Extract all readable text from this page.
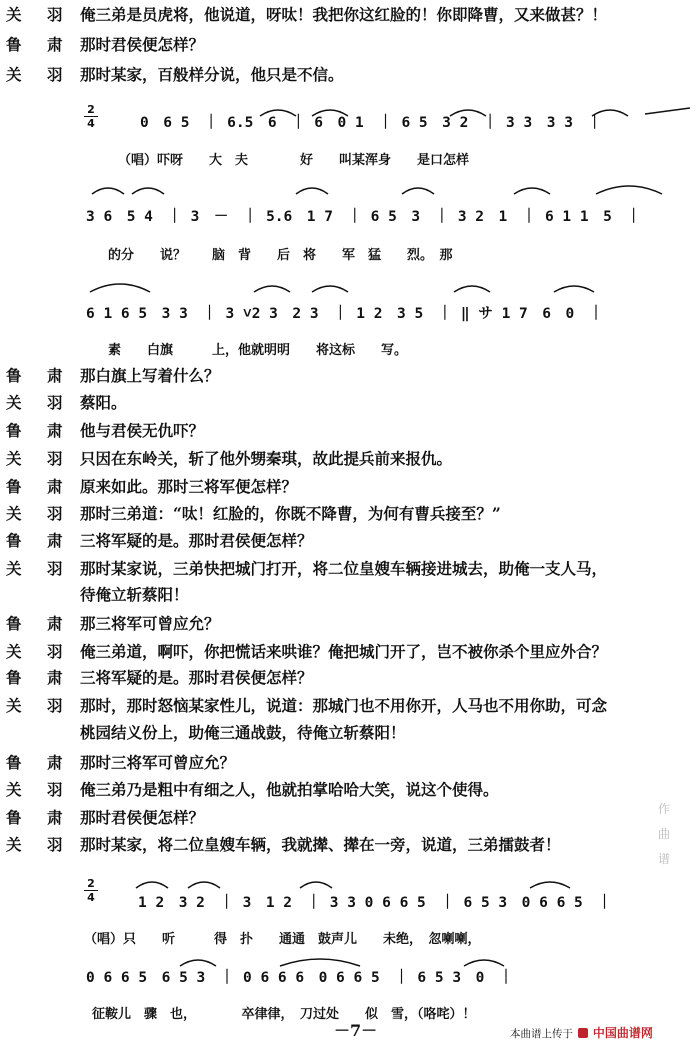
关　羽 俺三弟是员虎将，他说道，呀呔！我把你这红脸的！你即降曹，又来做甚？！
鲁　肃 那时君侯便怎样？
关　羽 那时某家，百般样分说，他只是不信。
2
4	0　6 5　｜ 6.5　6　｜ 6　0 1　｜ 6 5　3 2　｜ 3 3　3 3　｜
（唱）吓呀　　大　夫　　　　好　　叫某浑身　　是口怎样
3 6　5 4　｜ 3　－　｜ 5.6　1 7　｜ 6 5　3　｜ 3 2　1　｜ 6 1 1　5　｜
的分　　说？　　脑　背　　后　将　　军　猛　　烈。　那
6 1 6 5　3 3　｜ 3 ˅2 3　2 3　｜ 1 2　3 5　｜ ‖ サ 1 7　6　0　｜
素　　白旗　　　上，他就明明　　将这标　　写。
鲁　肃 那白旗上写着什么？
关　羽 蔡阳。
鲁　肃 他与君侯无仇吓？
关　羽 只因在东岭关，斩了他外甥秦琪，故此提兵前来报仇。
鲁　肃 原来如此。那时三将军便怎样？
关　羽 那时三弟道：“呔！红脸的，你既不降曹，为何有曹兵接至？”
鲁　肃 三将军疑的是。那时君侯便怎样？
关　羽 那时某家说，三弟快把城门打开，将二位皇嫂车辆接进城去，助俺一支人马，
待俺立斩蔡阳！
鲁　肃 那三将军可曾应允？
关　羽 俺三弟道，啊吓，你把慌话来哄谁？俺把城门开了，岂不被你杀个里应外合？
鲁　肃 三将军疑的是。那时君侯便怎样？
关　羽 那时，那时怒恼某家性儿，说道：那城门也不用你开，人马也不用你助，可念
桃园结义份上，助俺三通战鼓，待俺立斩蔡阳！
鲁　肃 那时三将军可曾应允？
关　羽 俺三弟乃是粗中有细之人，他就拍掌哈哈大笑，说这个使得。
鲁　肃 那时君侯便怎样？
关　羽 那时某家，将二位皇嫂车辆，我就撵、撵在一旁，说道，三弟擂鼓者！
作
曲
谱
2
4	1 2　3 2　｜ 3　1 2　｜ 3 3 0 6 6 5　｜ 6 5 3　0 6 6 5　｜
（唱）只　　听　　　得　扑　　通通　鼓声儿　　未绝，　忽喇喇，
0 6 6 5　6 5 3　｜ 0 6 6 6　0 6 6 5　｜ 6 5 3　0　｜
征鞍儿　骤　也，　　　　卒律律，　刀过处　　似　雪，（咯咤）！
－7－	本曲谱上传于 中国曲谱网
